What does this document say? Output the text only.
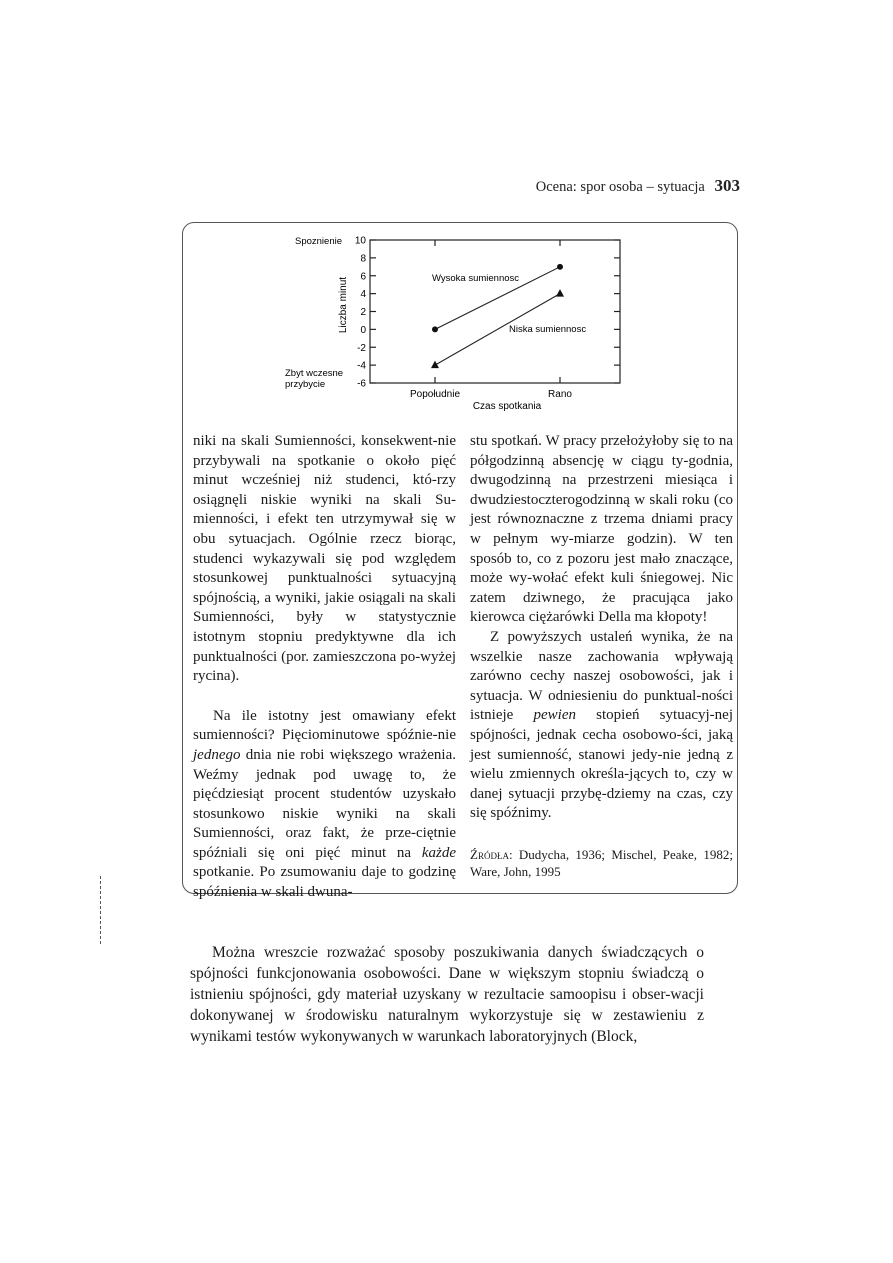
Ocena: spor osoba – sytuacja 303
10
8
6
4
2
0
-2
-4
-6
Popołudnie	Rano
Spoznienie
Zbyt wczesne
przybycie
Liczba minut
Czas spotkania
Wysoka sumiennosc
Niska sumiennosc

niki na skali Sumienności, konsekwent-nie przybywali na spotkanie o około pięć minut wcześniej niż studenci, któ-rzy osiągnęli niskie wyniki na skali Su-mienności, i efekt ten utrzymywał się w obu sytuacjach. Ogólnie rzecz biorąc, studenci wykazywali się pod względem stosunkowej punktualności sytuacyjną spójnością, a wyniki, jakie osiągali na skali Sumienności, były w statystycznie istotnym stopniu predyktywne dla ich punktualności (por. zamieszczona po-wyżej rycina).

Na ile istotny jest omawiany efekt sumienności? Pięciominutowe spóźnie-nie jednego dnia nie robi większego wrażenia. Weźmy jednak pod uwagę to, że pięćdziesiąt procent studentów uzyskało stosunkowo niskie wyniki na skali Sumienności, oraz fakt, że prze-ciętnie spóźniali się oni pięć minut na każde spotkanie. Po zsumowaniu daje to godzinę spóźnienia w skali dwuna-

stu spotkań. W pracy przełożyłoby się to na półgodzinną absencję w ciągu ty-godnia, dwugodzinną na przestrzeni miesiąca i dwudziestoczterogodzinną w skali roku (co jest równoznaczne z trzema dniami pracy w pełnym wy-miarze godzin). W ten sposób to, co z pozoru jest mało znaczące, może wy-wołać efekt kuli śniegowej. Nic zatem dziwnego, że pracująca jako kierowca ciężarówki Della ma kłopoty!

Z powyższych ustaleń wynika, że na wszelkie nasze zachowania wpływają zarówno cechy naszej osobowości, jak i sytuacja. W odniesieniu do punktual-ności istnieje pewien stopień sytuacyj-nej spójności, jednak cecha osobowo-ści, jaką jest sumienność, stanowi jedy-nie jedną z wielu zmiennych określa-jących to, czy w danej sytuacji przybę-dziemy na czas, czy się spóźnimy.

Źródła: Dudycha, 1936; Mischel, Peake, 1982; Ware, John, 1995

Można wreszcie rozważać sposoby poszukiwania danych świadczących o spójności funkcjonowania osobowości. Dane w większym stopniu świadczą o istnieniu spójności, gdy materiał uzyskany w rezultacie samoopisu i obser-wacji dokonywanej w środowisku naturalnym wykorzystuje się w zestawieniu z wynikami testów wykonywanych w warunkach laboratoryjnych (Block,
